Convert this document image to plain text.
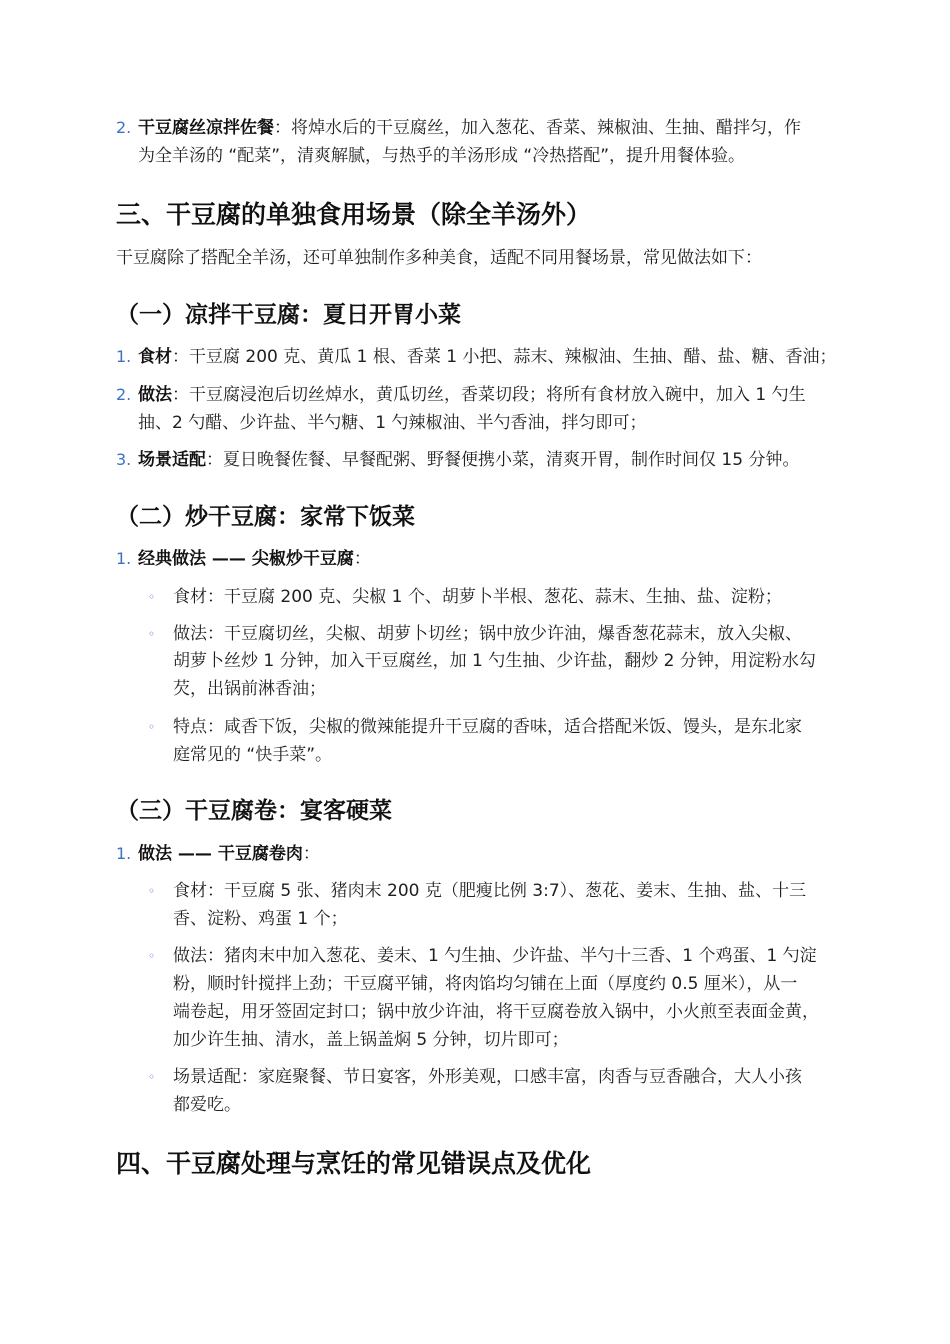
2. 干豆腐丝凉拌佐餐：将焯水后的干豆腐丝，加入葱花、香菜、辣椒油、生抽、醋拌匀，作
为全羊汤的 “配菜”，清爽解腻，与热乎的羊汤形成 “冷热搭配”，提升用餐体验。
三、干豆腐的单独食用场景（除全羊汤外）
干豆腐除了搭配全羊汤，还可单独制作多种美食，适配不同用餐场景，常见做法如下：
（一）凉拌干豆腐：夏日开胃小菜
1. 食材：干豆腐 200 克、黄瓜 1 根、香菜 1 小把、蒜末、辣椒油、生抽、醋、盐、糖、香油；
2. 做法：干豆腐浸泡后切丝焯水，黄瓜切丝，香菜切段；将所有食材放入碗中，加入 1 勺生
抽、2 勺醋、少许盐、半勺糖、1 勺辣椒油、半勺香油，拌匀即可；
3. 场景适配：夏日晚餐佐餐、早餐配粥、野餐便携小菜，清爽开胃，制作时间仅 15 分钟。
（二）炒干豆腐：家常下饭菜
1. 经典做法 —— 尖椒炒干豆腐：
◦ 食材：干豆腐 200 克、尖椒 1 个、胡萝卜半根、葱花、蒜末、生抽、盐、淀粉；
◦ 做法：干豆腐切丝，尖椒、胡萝卜切丝；锅中放少许油，爆香葱花蒜末，放入尖椒、
胡萝卜丝炒 1 分钟，加入干豆腐丝，加 1 勺生抽、少许盐，翻炒 2 分钟，用淀粉水勾
芡，出锅前淋香油；
◦ 特点：咸香下饭，尖椒的微辣能提升干豆腐的香味，适合搭配米饭、馒头，是东北家
庭常见的 “快手菜”。
（三）干豆腐卷：宴客硬菜
1. 做法 —— 干豆腐卷肉：
◦ 食材：干豆腐 5 张、猪肉末 200 克（肥瘦比例 3:7）、葱花、姜末、生抽、盐、十三
香、淀粉、鸡蛋 1 个；
◦ 做法：猪肉末中加入葱花、姜末、1 勺生抽、少许盐、半勺十三香、1 个鸡蛋、1 勺淀
粉，顺时针搅拌上劲；干豆腐平铺，将肉馅均匀铺在上面（厚度约 0.5 厘米），从一
端卷起，用牙签固定封口；锅中放少许油，将干豆腐卷放入锅中，小火煎至表面金黄，
加少许生抽、清水，盖上锅盖焖 5 分钟，切片即可；
◦ 场景适配：家庭聚餐、节日宴客，外形美观，口感丰富，肉香与豆香融合，大人小孩
都爱吃。
四、干豆腐处理与烹饪的常见错误点及优化
